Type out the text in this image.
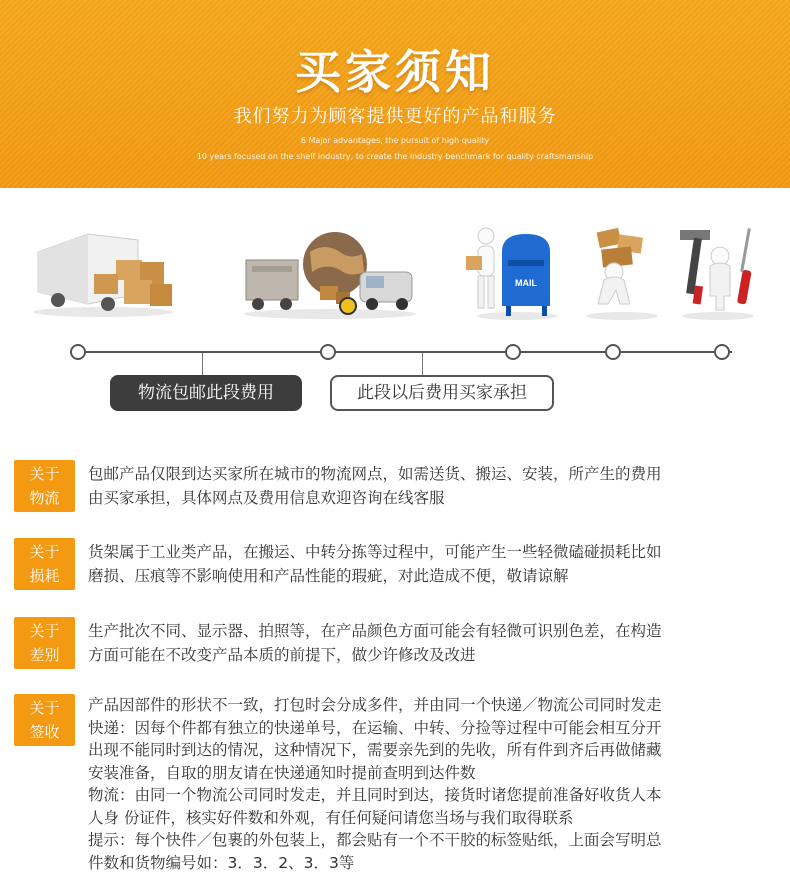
买家须知
我们努力为顾客提供更好的产品和服务
6 Major advantages, the pursuit of high quality
10 years focused on the shelf industry, to create the industry benchmark for quality craftsmanship
MAIL
物流包邮此段费用	此段以后费用买家承担
关于
物流

包邮产品仅限到达买家所在城市的物流网点，如需送货、搬运、安装，所产生的费用

由买家承担，具体网点及费用信息欢迎咨询在线客服

关于
损耗

货架属于工业类产品，在搬运、中转分拣等过程中，可能产生一些轻微磕碰损耗比如

磨损、压痕等不影响使用和产品性能的瑕疵，对此造成不便，敬请谅解

关于
差别

生产批次不同、显示器、拍照等，在产品颜色方面可能会有轻微可识别色差，在构造

方面可能在不改变产品本质的前提下，做少许修改及改进

关于
签收

产品因部件的形状不一致，打包时会分成多件，并由同一个快递／物流公司同时发走

快递：因每个件都有独立的快递单号，在运输、中转、分捡等过程中可能会相互分开

出现不能同时到达的情况，这种情况下，需要亲先到的先收，所有件到齐后再做储藏

安装准备，自取的朋友请在快递通知时提前查明到达件数

物流：由同一个物流公司同时发走，并且同时到达，接货时诸您提前准备好收货人本

人身 份证件，核实好件数和外观，有任何疑问请您当场与我们取得联系

提示：每个快件／包裹的外包装上，都会贴有一个不干胶的标签贴纸，上面会写明总

件数和货物编号如：3．3．2、3．3等
